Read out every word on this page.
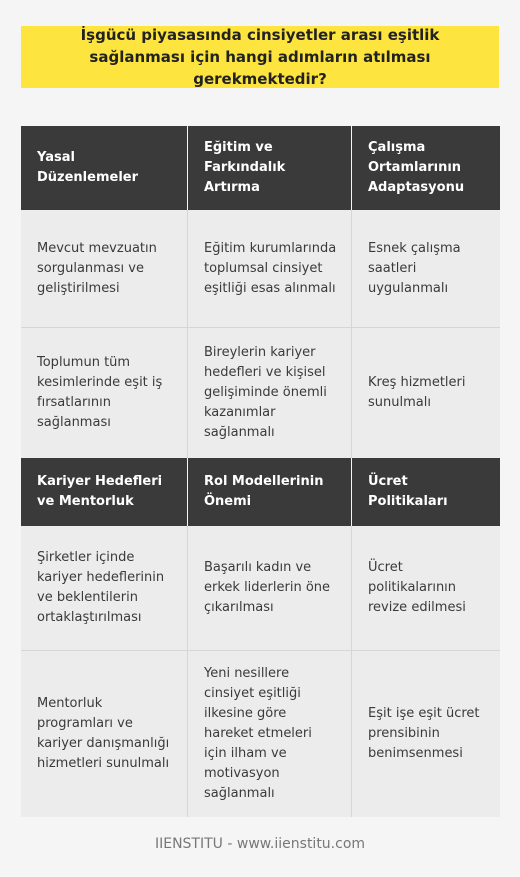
İşgücü piyasasında cinsiyetler arası eşitlik sağlanması için hangi adımların atılması gerekmektedir?
Yasal Düzenlemeler
Eğitim ve Farkındalık Artırma
Çalışma Ortamlarının Adaptasyonu
Mevcut mevzuatın sorgulanması ve geliştirilmesi
Eğitim kurumlarında toplumsal cinsiyet eşitliği esas alınmalı
Esnek çalışma saatleri uygulanmalı
Toplumun tüm kesimlerinde eşit iş fırsatlarının sağlanması
Bireylerin kariyer hedefleri ve kişisel gelişiminde önemli kazanımlar sağlanmalı
Kreş hizmetleri sunulmalı
Kariyer Hedefleri ve Mentorluk
Rol Modellerinin Önemi
Ücret Politikaları
Şirketler içinde kariyer hedeflerinin ve beklentilerin ortaklaştırılması
Başarılı kadın ve erkek liderlerin öne çıkarılması
Ücret politikalarının revize edilmesi
Mentorluk programları ve kariyer danışmanlığı hizmetleri sunulmalı
Yeni nesillere cinsiyet eşitliği ilkesine göre hareket etmeleri için ilham ve motivasyon sağlanmalı
Eşit işe eşit ücret prensibinin benimsenmesi
IIENSTITU - www.iienstitu.com
